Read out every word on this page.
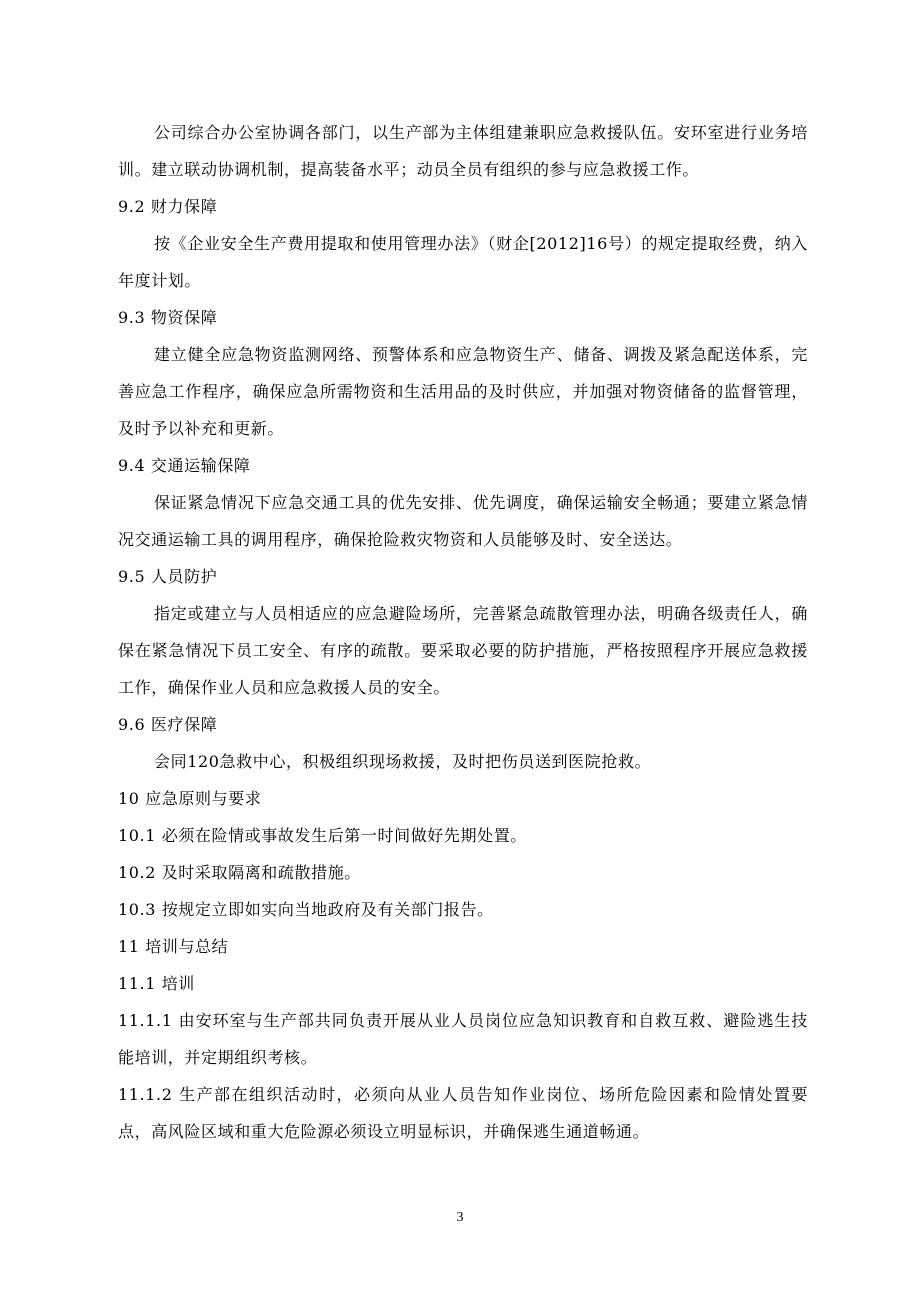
公司综合办公室协调各部门，以生产部为主体组建兼职应急救援队伍。安环室进行业务培训。建立联动协调机制，提高装备水平；动员全员有组织的参与应急救援工作。

9.2 财力保障

按《企业安全生产费用提取和使用管理办法》（财企[2012]16号）的规定提取经费，纳入年度计划。

9.3 物资保障

建立健全应急物资监测网络、预警体系和应急物资生产、储备、调拨及紧急配送体系，完善应急工作程序，确保应急所需物资和生活用品的及时供应，并加强对物资储备的监督管理，及时予以补充和更新。

9.4 交通运输保障

保证紧急情况下应急交通工具的优先安排、优先调度，确保运输安全畅通；要建立紧急情况交通运输工具的调用程序，确保抢险救灾物资和人员能够及时、安全送达。

9.5 人员防护

指定或建立与人员相适应的应急避险场所，完善紧急疏散管理办法，明确各级责任人，确保在紧急情况下员工安全、有序的疏散。要采取必要的防护措施，严格按照程序开展应急救援工作，确保作业人员和应急救援人员的安全。

9.6 医疗保障

会同120急救中心，积极组织现场救援，及时把伤员送到医院抢救。

10 应急原则与要求

10.1 必须在险情或事故发生后第一时间做好先期处置。

10.2 及时采取隔离和疏散措施。

10.3 按规定立即如实向当地政府及有关部门报告。

11 培训与总结

11.1 培训

11.1.1 由安环室与生产部共同负责开展从业人员岗位应急知识教育和自救互救、避险逃生技能培训，并定期组织考核。

11.1.2 生产部在组织活动时，必须向从业人员告知作业岗位、场所危险因素和险情处置要点，高风险区域和重大危险源必须设立明显标识，并确保逃生通道畅通。

3
